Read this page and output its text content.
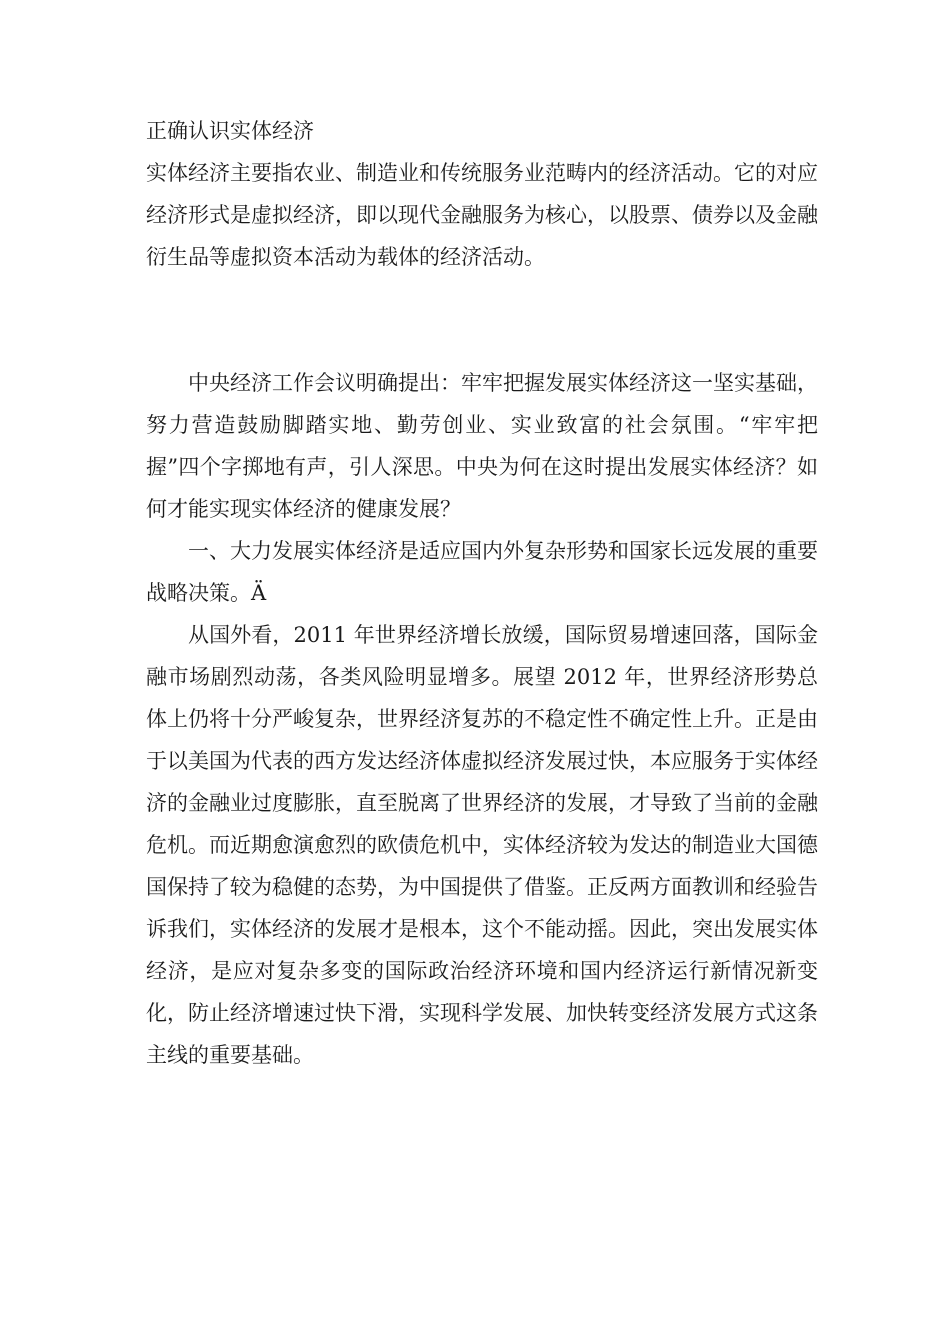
正确认识实体经济

实体经济主要指农业、制造业和传统服务业范畴内的经济活动。它的对应经济形式是虚拟经济，即以现代金融服务为核心，以股票、债券以及金融衍生品等虚拟资本活动为载体的经济活动。

中央经济工作会议明确提出：牢牢把握发展实体经济这一坚实基础，努力营造鼓励脚踏实地、勤劳创业、实业致富的社会氛围。“牢牢把握”四个字掷地有声，引人深思。中央为何在这时提出发展实体经济？如何才能实现实体经济的健康发展？

一、大力发展实体经济是适应国内外复杂形势和国家长远发展的重要战略决策。Ä

从国外看，2011 年世界经济增长放缓，国际贸易增速回落，国际金融市场剧烈动荡，各类风险明显增多。展望 2012 年，世界经济形势总体上仍将十分严峻复杂，世界经济复苏的不稳定性不确定性上升。正是由于以美国为代表的西方发达经济体虚拟经济发展过快，本应服务于实体经济的金融业过度膨胀，直至脱离了世界经济的发展，才导致了当前的金融危机。而近期愈演愈烈的欧债危机中，实体经济较为发达的制造业大国德国保持了较为稳健的态势，为中国提供了借鉴。正反两方面教训和经验告诉我们，实体经济的发展才是根本，这个不能动摇。因此，突出发展实体经济，是应对复杂多变的国际政治经济环境和国内经济运行新情况新变化，防止经济增速过快下滑，实现科学发展、加快转变经济发展方式这条主线的重要基础。
